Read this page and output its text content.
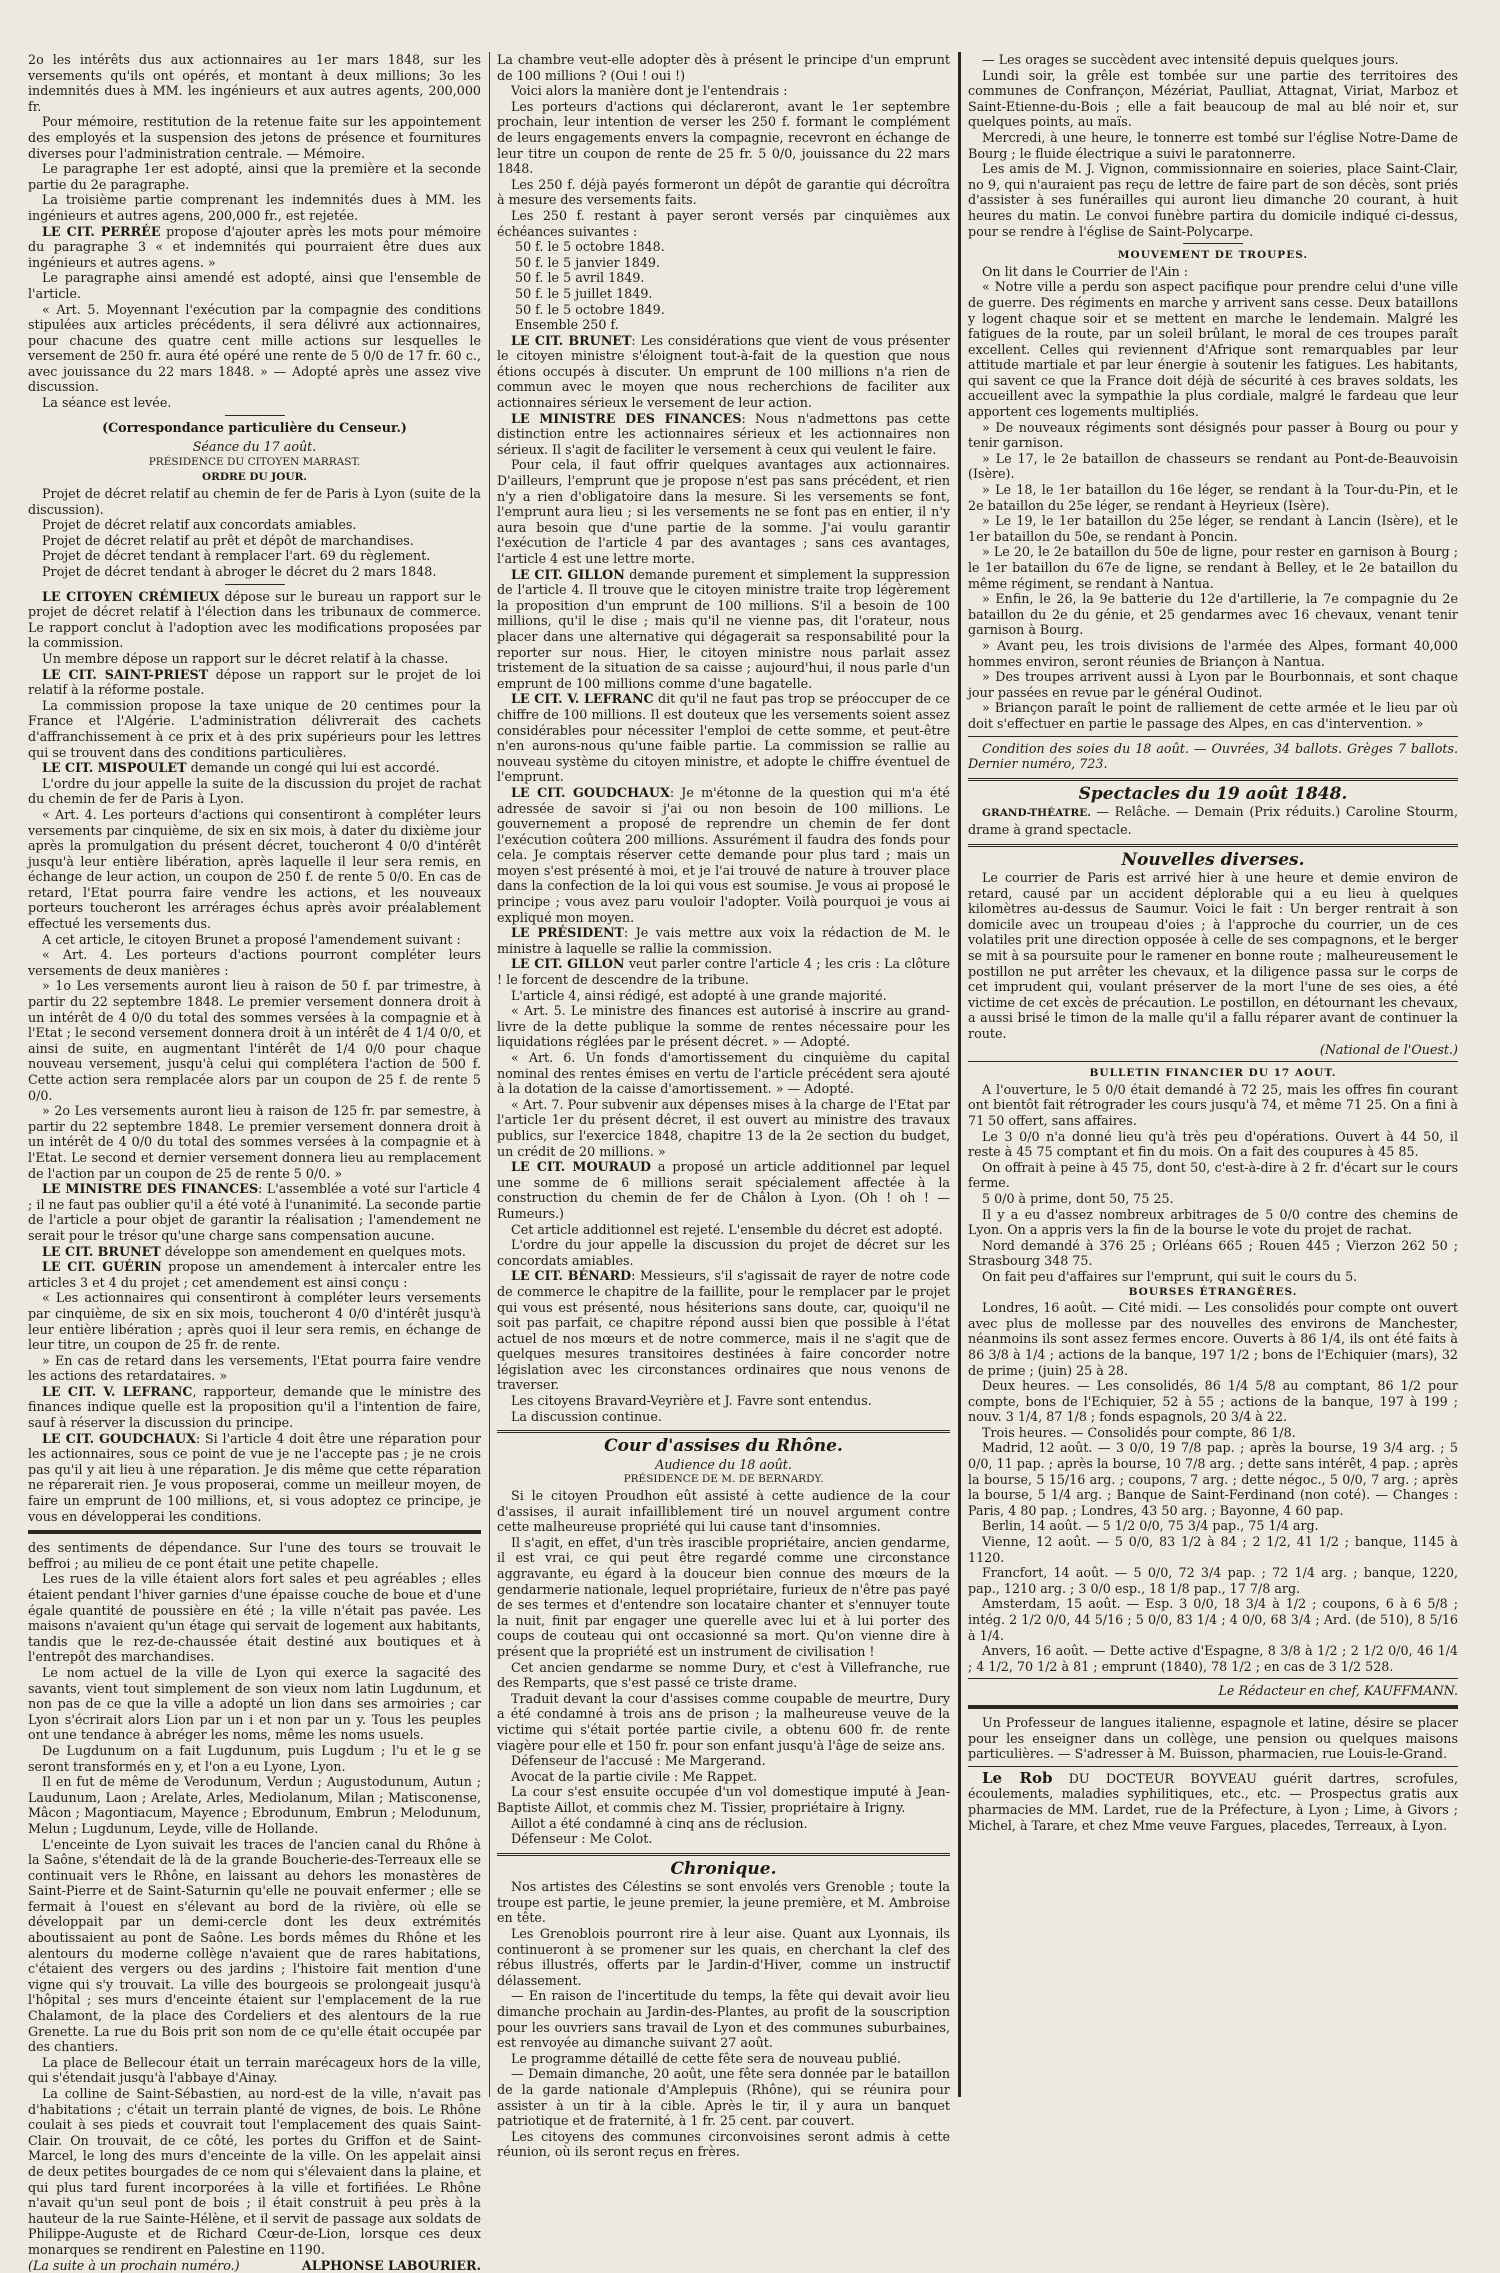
2o les intérêts dus aux actionnaires au 1er mars 1848, sur les versements qu'ils ont opérés, et montant à deux millions; 3o les indemnités dues à MM. les ingénieurs et aux autres agents, 200,000 fr.

Pour mémoire, restitution de la retenue faite sur les appointement des employés et la suspension des jetons de présence et fournitures diverses pour l'administration centrale. — Mémoire.

Le paragraphe 1er est adopté, ainsi que la première et la seconde partie du 2e paragraphe.

La troisième partie comprenant les indemnités dues à MM. les ingénieurs et autres agens, 200,000 fr., est rejetée.

LE CIT. PERRÉE propose d'ajouter après les mots pour mémoire du paragraphe 3 « et indemnités qui pourraient être dues aux ingénieurs et autres agens. »

Le paragraphe ainsi amendé est adopté, ainsi que l'ensemble de l'article.

« Art. 5. Moyennant l'exécution par la compagnie des conditions stipulées aux articles précédents, il sera délivré aux actionnaires, pour chacune des quatre cent mille actions sur lesquelles le versement de 250 fr. aura été opéré une rente de 5 0/0 de 17 fr. 60 c., avec jouissance du 22 mars 1848. » — Adopté après une assez vive discussion.

La séance est levée.

(Correspondance particulière du Censeur.)
Séance du 17 août.
PRÉSIDENCE DU CITOYEN MARRAST.
ORDRE DU JOUR.

Projet de décret relatif au chemin de fer de Paris à Lyon (suite de la discussion).

Projet de décret relatif aux concordats amiables.

Projet de décret relatif au prêt et dépôt de marchandises.

Projet de décret tendant à remplacer l'art. 69 du règlement.

Projet de décret tendant à abroger le décret du 2 mars 1848.

LE CITOYEN CRÉMIEUX dépose sur le bureau un rapport sur le projet de décret relatif à l'élection dans les tribunaux de commerce. Le rapport conclut à l'adoption avec les modifications proposées par la commission.

Un membre dépose un rapport sur le décret relatif à la chasse.

LE CIT. SAINT-PRIEST dépose un rapport sur le projet de loi relatif à la réforme postale.

La commission propose la taxe unique de 20 centimes pour la France et l'Algérie. L'administration délivrerait des cachets d'affranchissement à ce prix et à des prix supérieurs pour les lettres qui se trouvent dans des conditions particulières.

LE CIT. MISPOULET demande un congé qui lui est accordé.

L'ordre du jour appelle la suite de la discussion du projet de rachat du chemin de fer de Paris à Lyon.

« Art. 4. Les porteurs d'actions qui consentiront à compléter leurs versements par cinquième, de six en six mois, à dater du dixième jour après la promulgation du présent décret, toucheront 4 0/0 d'intérêt jusqu'à leur entière libération, après laquelle il leur sera remis, en échange de leur action, un coupon de 250 f. de rente 5 0/0. En cas de retard, l'Etat pourra faire vendre les actions, et les nouveaux porteurs toucheront les arrérages échus après avoir préalablement effectué les versements dus.

A cet article, le citoyen Brunet a proposé l'amendement suivant :

« Art. 4. Les porteurs d'actions pourront compléter leurs versements de deux manières :

» 1o Les versements auront lieu à raison de 50 f. par trimestre, à partir du 22 septembre 1848. Le premier versement donnera droit à un intérêt de 4 0/0 du total des sommes versées à la compagnie et à l'Etat ; le second versement donnera droit à un intérêt de 4 1/4 0/0, et ainsi de suite, en augmentant l'intérêt de 1/4 0/0 pour chaque nouveau versement, jusqu'à celui qui complétera l'action de 500 f. Cette action sera remplacée alors par un coupon de 25 f. de rente 5 0/0.

» 2o Les versements auront lieu à raison de 125 fr. par semestre, à partir du 22 septembre 1848. Le premier versement donnera droit à un intérêt de 4 0/0 du total des sommes versées à la compagnie et à l'Etat. Le second et dernier versement donnera lieu au remplacement de l'action par un coupon de 25 de rente 5 0/0. »

LE MINISTRE DES FINANCES: L'assemblée a voté sur l'article 4 ; il ne faut pas oublier qu'il a été voté à l'unanimité. La seconde partie de l'article a pour objet de garantir la réalisation ; l'amendement ne serait pour le trésor qu'une charge sans compensation aucune.

LE CIT. BRUNET développe son amendement en quelques mots.

LE CIT. GUÉRIN propose un amendement à intercaler entre les articles 3 et 4 du projet ; cet amendement est ainsi conçu :

« Les actionnaires qui consentiront à compléter leurs versements par cinquième, de six en six mois, toucheront 4 0/0 d'intérêt jusqu'à leur entière libération ; après quoi il leur sera remis, en échange de leur titre, un coupon de 25 fr. de rente.

» En cas de retard dans les versements, l'Etat pourra faire vendre les actions des retardataires. »

LE CIT. V. LEFRANC, rapporteur, demande que le ministre des finances indique quelle est la proposition qu'il a l'intention de faire, sauf à réserver la discussion du principe.

LE CIT. GOUDCHAUX: Si l'article 4 doit être une réparation pour les actionnaires, sous ce point de vue je ne l'accepte pas ; je ne crois pas qu'il y ait lieu à une réparation. Je dis même que cette réparation ne réparerait rien. Je vous proposerai, comme un meilleur moyen, de faire un emprunt de 100 millions, et, si vous adoptez ce principe, je vous en développerai les conditions.

des sentiments de dépendance. Sur l'une des tours se trouvait le beffroi ; au milieu de ce pont était une petite chapelle.

Les rues de la ville étaient alors fort sales et peu agréables ; elles étaient pendant l'hiver garnies d'une épaisse couche de boue et d'une égale quantité de poussière en été ; la ville n'était pas pavée. Les maisons n'avaient qu'un étage qui servait de logement aux habitants, tandis que le rez-de-chaussée était destiné aux boutiques et à l'entrepôt des marchandises.

Le nom actuel de la ville de Lyon qui exerce la sagacité des savants, vient tout simplement de son vieux nom latin Lugdunum, et non pas de ce que la ville a adopté un lion dans ses armoiries ; car Lyon s'écrirait alors Lion par un i et non par un y. Tous les peuples ont une tendance à abréger les noms, même les noms usuels.

De Lugdunum on a fait Lugdunum, puis Lugdum ; l'u et le g se seront transformés en y, et l'on a eu Lyone, Lyon.

Il en fut de même de Verodunum, Verdun ; Augustodunum, Autun ; Laudunum, Laon ; Arelate, Arles, Mediolanum, Milan ; Matisconense, Mâcon ; Magontiacum, Mayence ; Ebrodunum, Embrun ; Melodunum, Melun ; Lugdunum, Leyde, ville de Hollande.

L'enceinte de Lyon suivait les traces de l'ancien canal du Rhône à la Saône, s'étendait de là de la grande Boucherie-des-Terreaux elle se continuait vers le Rhône, en laissant au dehors les monastères de Saint-Pierre et de Saint-Saturnin qu'elle ne pouvait enfermer ; elle se fermait à l'ouest en s'élevant au bord de la rivière, où elle se développait par un demi-cercle dont les deux extrémités aboutissaient au pont de Saône. Les bords mêmes du Rhône et les alentours du moderne collège n'avaient que de rares habitations, c'étaient des vergers ou des jardins ; l'histoire fait mention d'une vigne qui s'y trouvait. La ville des bourgeois se prolongeait jusqu'à l'hôpital ; ses murs d'enceinte étaient sur l'emplacement de la rue Chalamont, de la place des Cordeliers et des alentours de la rue Grenette. La rue du Bois prit son nom de ce qu'elle était occupée par des chantiers.

La place de Bellecour était un terrain marécageux hors de la ville, qui s'étendait jusqu'à l'abbaye d'Ainay.

La colline de Saint-Sébastien, au nord-est de la ville, n'avait pas d'habitations ; c'était un terrain planté de vignes, de bois. Le Rhône coulait à ses pieds et couvrait tout l'emplacement des quais Saint-Clair. On trouvait, de ce côté, les portes du Griffon et de Saint-Marcel, le long des murs d'enceinte de la ville. On les appelait ainsi de deux petites bourgades de ce nom qui s'élevaient dans la plaine, et qui plus tard furent incorporées à la ville et fortifiées. Le Rhône n'avait qu'un seul pont de bois ; il était construit à peu près à la hauteur de la rue Sainte-Hélène, et il servit de passage aux soldats de Philippe-Auguste et de Richard Cœur-de-Lion, lorsque ces deux monarques se rendirent en Palestine en 1190.

(La suite à un prochain numéro.)	ALPHONSE LABOURIER.

La chambre veut-elle adopter dès à présent le principe d'un emprunt de 100 millions ? (Oui ! oui !)

Voici alors la manière dont je l'entendrais :

Les porteurs d'actions qui déclareront, avant le 1er septembre prochain, leur intention de verser les 250 f. formant le complément de leurs engagements envers la compagnie, recevront en échange de leur titre un coupon de rente de 25 fr. 5 0/0, jouissance du 22 mars 1848.

Les 250 f. déjà payés formeront un dépôt de garantie qui décroîtra à mesure des versements faits.

Les 250 f. restant à payer seront versés par cinquièmes aux échéances suivantes :

50 f. le 5 octobre 1848.
50 f. le 5 janvier 1849.
50 f. le 5 avril 1849.
50 f. le 5 juillet 1849.
50 f. le 5 octobre 1849.
Ensemble 250 f.

LE CIT. BRUNET: Les considérations que vient de vous présenter le citoyen ministre s'éloignent tout-à-fait de la question que nous étions occupés à discuter. Un emprunt de 100 millions n'a rien de commun avec le moyen que nous recherchions de faciliter aux actionnaires sérieux le versement de leur action.

LE MINISTRE DES FINANCES: Nous n'admettons pas cette distinction entre les actionnaires sérieux et les actionnaires non sérieux. Il s'agit de faciliter le versement à ceux qui veulent le faire.

Pour cela, il faut offrir quelques avantages aux actionnaires. D'ailleurs, l'emprunt que je propose n'est pas sans précédent, et rien n'y a rien d'obligatoire dans la mesure. Si les versements se font, l'emprunt aura lieu ; si les versements ne se font pas en entier, il n'y aura besoin que d'une partie de la somme. J'ai voulu garantir l'exécution de l'article 4 par des avantages ; sans ces avantages, l'article 4 est une lettre morte.

LE CIT. GILLON demande purement et simplement la suppression de l'article 4. Il trouve que le citoyen ministre traite trop légèrement la proposition d'un emprunt de 100 millions. S'il a besoin de 100 millions, qu'il le dise ; mais qu'il ne vienne pas, dit l'orateur, nous placer dans une alternative qui dégagerait sa responsabilité pour la reporter sur nous. Hier, le citoyen ministre nous parlait assez tristement de la situation de sa caisse ; aujourd'hui, il nous parle d'un emprunt de 100 millions comme d'une bagatelle.

LE CIT. V. LEFRANC dit qu'il ne faut pas trop se préoccuper de ce chiffre de 100 millions. Il est douteux que les versements soient assez considérables pour nécessiter l'emploi de cette somme, et peut-être n'en aurons-nous qu'une faible partie. La commission se rallie au nouveau système du citoyen ministre, et adopte le chiffre éventuel de l'emprunt.

LE CIT. GOUDCHAUX: Je m'étonne de la question qui m'a été adressée de savoir si j'ai ou non besoin de 100 millions. Le gouvernement a proposé de reprendre un chemin de fer dont l'exécution coûtera 200 millions. Assurément il faudra des fonds pour cela. Je comptais réserver cette demande pour plus tard ; mais un moyen s'est présenté à moi, et je l'ai trouvé de nature à trouver place dans la confection de la loi qui vous est soumise. Je vous ai proposé le principe ; vous avez paru vouloir l'adopter. Voilà pourquoi je vous ai expliqué mon moyen.

LE PRÉSIDENT: Je vais mettre aux voix la rédaction de M. le ministre à laquelle se rallie la commission.

LE CIT. GILLON veut parler contre l'article 4 ; les cris : La clôture ! le forcent de descendre de la tribune.

L'article 4, ainsi rédigé, est adopté à une grande majorité.

« Art. 5. Le ministre des finances est autorisé à inscrire au grand-livre de la dette publique la somme de rentes nécessaire pour les liquidations réglées par le présent décret. » — Adopté.

« Art. 6. Un fonds d'amortissement du cinquième du capital nominal des rentes émises en vertu de l'article précédent sera ajouté à la dotation de la caisse d'amortissement. » — Adopté.

« Art. 7. Pour subvenir aux dépenses mises à la charge de l'Etat par l'article 1er du présent décret, il est ouvert au ministre des travaux publics, sur l'exercice 1848, chapitre 13 de la 2e section du budget, un crédit de 20 millions. »

LE CIT. MOURAUD a proposé un article additionnel par lequel une somme de 6 millions serait spécialement affectée à la construction du chemin de fer de Châlon à Lyon. (Oh ! oh ! — Rumeurs.)

Cet article additionnel est rejeté. L'ensemble du décret est adopté.

L'ordre du jour appelle la discussion du projet de décret sur les concordats amiables.

LE CIT. BÉNARD: Messieurs, s'il s'agissait de rayer de notre code de commerce le chapitre de la faillite, pour le remplacer par le projet qui vous est présenté, nous hésiterions sans doute, car, quoiqu'il ne soit pas parfait, ce chapitre répond aussi bien que possible à l'état actuel de nos mœurs et de notre commerce, mais il ne s'agit que de quelques mesures transitoires destinées à faire concorder notre législation avec les circonstances ordinaires que nous venons de traverser.

Les citoyens Bravard-Veyrière et J. Favre sont entendus.

La discussion continue.

Cour d'assises du Rhône.
Audience du 18 août.
PRÉSIDENCE DE M. DE BERNARDY.

Si le citoyen Proudhon eût assisté à cette audience de la cour d'assises, il aurait infailliblement tiré un nouvel argument contre cette malheureuse propriété qui lui cause tant d'insomnies.

Il s'agit, en effet, d'un très irascible propriétaire, ancien gendarme, il est vrai, ce qui peut être regardé comme une circonstance aggravante, eu égard à la douceur bien connue des mœurs de la gendarmerie nationale, lequel propriétaire, furieux de n'être pas payé de ses termes et d'entendre son locataire chanter et s'ennuyer toute la nuit, finit par engager une querelle avec lui et à lui porter des coups de couteau qui ont occasionné sa mort. Qu'on vienne dire à présent que la propriété est un instrument de civilisation !

Cet ancien gendarme se nomme Dury, et c'est à Villefranche, rue des Remparts, que s'est passé ce triste drame.

Traduit devant la cour d'assises comme coupable de meurtre, Dury a été condamné à trois ans de prison ; la malheureuse veuve de la victime qui s'était portée partie civile, a obtenu 600 fr. de rente viagère pour elle et 150 fr. pour son enfant jusqu'à l'âge de seize ans.

Défenseur de l'accusé : Me Margerand.

Avocat de la partie civile : Me Rappet.

La cour s'est ensuite occupée d'un vol domestique imputé à Jean-Baptiste Aillot, et commis chez M. Tissier, propriétaire à Irigny.

Aillot a été condamné à cinq ans de réclusion.

Défenseur : Me Colot.

Chronique.

Nos artistes des Célestins se sont envolés vers Grenoble ; toute la troupe est partie, le jeune premier, la jeune première, et M. Ambroise en tête.

Les Grenoblois pourront rire à leur aise. Quant aux Lyonnais, ils continueront à se promener sur les quais, en cherchant la clef des rébus illustrés, offerts par le Jardin-d'Hiver, comme un instructif délassement.

— En raison de l'incertitude du temps, la fête qui devait avoir lieu dimanche prochain au Jardin-des-Plantes, au profit de la souscription pour les ouvriers sans travail de Lyon et des communes suburbaines, est renvoyée au dimanche suivant 27 août.

Le programme détaillé de cette fête sera de nouveau publié.

— Demain dimanche, 20 août, une fête sera donnée par le bataillon de la garde nationale d'Amplepuis (Rhône), qui se réunira pour assister à un tir à la cible. Après le tir, il y aura un banquet patriotique et de fraternité, à 1 fr. 25 cent. par couvert.

Les citoyens des communes circonvoisines seront admis à cette réunion, où ils seront reçus en frères.

— Les orages se succèdent avec intensité depuis quelques jours.

Lundi soir, la grêle est tombée sur une partie des territoires des communes de Confrançon, Mézériat, Paulliat, Attagnat, Viriat, Marboz et Saint-Etienne-du-Bois ; elle a fait beaucoup de mal au blé noir et, sur quelques points, au maïs.

Mercredi, à une heure, le tonnerre est tombé sur l'église Notre-Dame de Bourg ; le fluide électrique a suivi le paratonnerre.

Les amis de M. J. Vignon, commissionnaire en soieries, place Saint-Clair, no 9, qui n'auraient pas reçu de lettre de faire part de son décès, sont priés d'assister à ses funérailles qui auront lieu dimanche 20 courant, à huit heures du matin. Le convoi funèbre partira du domicile indiqué ci-dessus, pour se rendre à l'église de Saint-Polycarpe.

MOUVEMENT DE TROUPES.

On lit dans le Courrier de l'Ain :

« Notre ville a perdu son aspect pacifique pour prendre celui d'une ville de guerre. Des régiments en marche y arrivent sans cesse. Deux bataillons y logent chaque soir et se mettent en marche le lendemain. Malgré les fatigues de la route, par un soleil brûlant, le moral de ces troupes paraît excellent. Celles qui reviennent d'Afrique sont remarquables par leur attitude martiale et par leur énergie à soutenir les fatigues. Les habitants, qui savent ce que la France doit déjà de sécurité à ces braves soldats, les accueillent avec la sympathie la plus cordiale, malgré le fardeau que leur apportent ces logements multipliés.

» De nouveaux régiments sont désignés pour passer à Bourg ou pour y tenir garnison.

» Le 17, le 2e bataillon de chasseurs se rendant au Pont-de-Beauvoisin (Isère).

» Le 18, le 1er bataillon du 16e léger, se rendant à la Tour-du-Pin, et le 2e bataillon du 25e léger, se rendant à Heyrieux (Isère).

» Le 19, le 1er bataillon du 25e léger, se rendant à Lancin (Isère), et le 1er bataillon du 50e, se rendant à Poncin.

» Le 20, le 2e bataillon du 50e de ligne, pour rester en garnison à Bourg ; le 1er bataillon du 67e de ligne, se rendant à Belley, et le 2e bataillon du même régiment, se rendant à Nantua.

» Enfin, le 26, la 9e batterie du 12e d'artillerie, la 7e compagnie du 2e bataillon du 2e du génie, et 25 gendarmes avec 16 chevaux, venant tenir garnison à Bourg.

» Avant peu, les trois divisions de l'armée des Alpes, formant 40,000 hommes environ, seront réunies de Briançon à Nantua.

» Des troupes arrivent aussi à Lyon par le Bourbonnais, et sont chaque jour passées en revue par le général Oudinot.

» Briançon paraît le point de ralliement de cette armée et le lieu par où doit s'effectuer en partie le passage des Alpes, en cas d'intervention. »

Condition des soies du 18 août. — Ouvrées, 34 ballots. Grèges 7 ballots. Dernier numéro, 723.

Spectacles du 19 août 1848.

GRAND-THÉATRE. — Relâche. — Demain (Prix réduits.) Caroline Stourm, drame à grand spectacle.

Nouvelles diverses.

Le courrier de Paris est arrivé hier à une heure et demie environ de retard, causé par un accident déplorable qui a eu lieu à quelques kilomètres au-dessus de Saumur. Voici le fait : Un berger rentrait à son domicile avec un troupeau d'oies ; à l'approche du courrier, un de ces volatiles prit une direction opposée à celle de ses compagnons, et le berger se mit à sa poursuite pour le ramener en bonne route ; malheureusement le postillon ne put arrêter les chevaux, et la diligence passa sur le corps de cet imprudent qui, voulant préserver de la mort l'une de ses oies, a été victime de cet excès de précaution. Le postillon, en détournant les chevaux, a aussi brisé le timon de la malle qu'il a fallu réparer avant de continuer la route.

(National de l'Ouest.)

BULLETIN FINANCIER DU 17 AOUT.

A l'ouverture, le 5 0/0 était demandé à 72 25, mais les offres fin courant ont bientôt fait rétrograder les cours jusqu'à 74, et même 71 25. On a fini à 71 50 offert, sans affaires.

Le 3 0/0 n'a donné lieu qu'à très peu d'opérations. Ouvert à 44 50, il reste à 45 75 comptant et fin du mois. On a fait des coupures à 45 85.

On offrait à peine à 45 75, dont 50, c'est-à-dire à 2 fr. d'écart sur le cours ferme.

5 0/0 à prime, dont 50, 75 25.

Il y a eu d'assez nombreux arbitrages de 5 0/0 contre des chemins de Lyon. On a appris vers la fin de la bourse le vote du projet de rachat.

Nord demandé à 376 25 ; Orléans 665 ; Rouen 445 ; Vierzon 262 50 ; Strasbourg 348 75.

On fait peu d'affaires sur l'emprunt, qui suit le cours du 5.

BOURSES ÉTRANGÈRES.

Londres, 16 août. — Cité midi. — Les consolidés pour compte ont ouvert avec plus de mollesse par des nouvelles des environs de Manchester, néanmoins ils sont assez fermes encore. Ouverts à 86 1/4, ils ont été faits à 86 3/8 à 1/4 ; actions de la banque, 197 1/2 ; bons de l'Echiquier (mars), 32 de prime ; (juin) 25 à 28.

Deux heures. — Les consolidés, 86 1/4 5/8 au comptant, 86 1/2 pour compte, bons de l'Echiquier, 52 à 55 ; actions de la banque, 197 à 199 ; nouv. 3 1/4, 87 1/8 ; fonds espagnols, 20 3/4 à 22.

Trois heures. — Consolidés pour compte, 86 1/8.

Madrid, 12 août. — 3 0/0, 19 7/8 pap. ; après la bourse, 19 3/4 arg. ; 5 0/0, 11 pap. ; après la bourse, 10 7/8 arg. ; dette sans intérêt, 4 pap. ; après la bourse, 5 15/16 arg. ; coupons, 7 arg. ; dette négoc., 5 0/0, 7 arg. ; après la bourse, 5 1/4 arg. ; Banque de Saint-Ferdinand (non coté). — Changes : Paris, 4 80 pap. ; Londres, 43 50 arg. ; Bayonne, 4 60 pap.

Berlin, 14 août. — 5 1/2 0/0, 75 3/4 pap., 75 1/4 arg.

Vienne, 12 août. — 5 0/0, 83 1/2 à 84 ; 2 1/2, 41 1/2 ; banque, 1145 à 1120.

Francfort, 14 août. — 5 0/0, 72 3/4 pap. ; 72 1/4 arg. ; banque, 1220, pap., 1210 arg. ; 3 0/0 esp., 18 1/8 pap., 17 7/8 arg.

Amsterdam, 15 août. — Esp. 3 0/0, 18 3/4 à 1/2 ; coupons, 6 à 6 5/8 ; intég. 2 1/2 0/0, 44 5/16 ; 5 0/0, 83 1/4 ; 4 0/0, 68 3/4 ; Ard. (de 510), 8 5/16 à 1/4.

Anvers, 16 août. — Dette active d'Espagne, 8 3/8 à 1/2 ; 2 1/2 0/0, 46 1/4 ; 4 1/2, 70 1/2 à 81 ; emprunt (1840), 78 1/2 ; en cas de 3 1/2 528.

Le Rédacteur en chef, KAUFFMANN.

Un Professeur de langues italienne, espagnole et latine, désire se placer pour les enseigner dans un collège, une pension ou quelques maisons particulières. — S'adresser à M. Buisson, pharmacien, rue Louis-le-Grand.

Le Rob DU DOCTEUR BOYVEAU guérit dartres, scrofules, écoulements, maladies syphilitiques, etc., etc. — Prospectus gratis aux pharmacies de MM. Lardet, rue de la Préfecture, à Lyon ; Lime, à Givors ; Michel, à Tarare, et chez Mme veuve Fargues, placedes, Terreaux, à Lyon.
